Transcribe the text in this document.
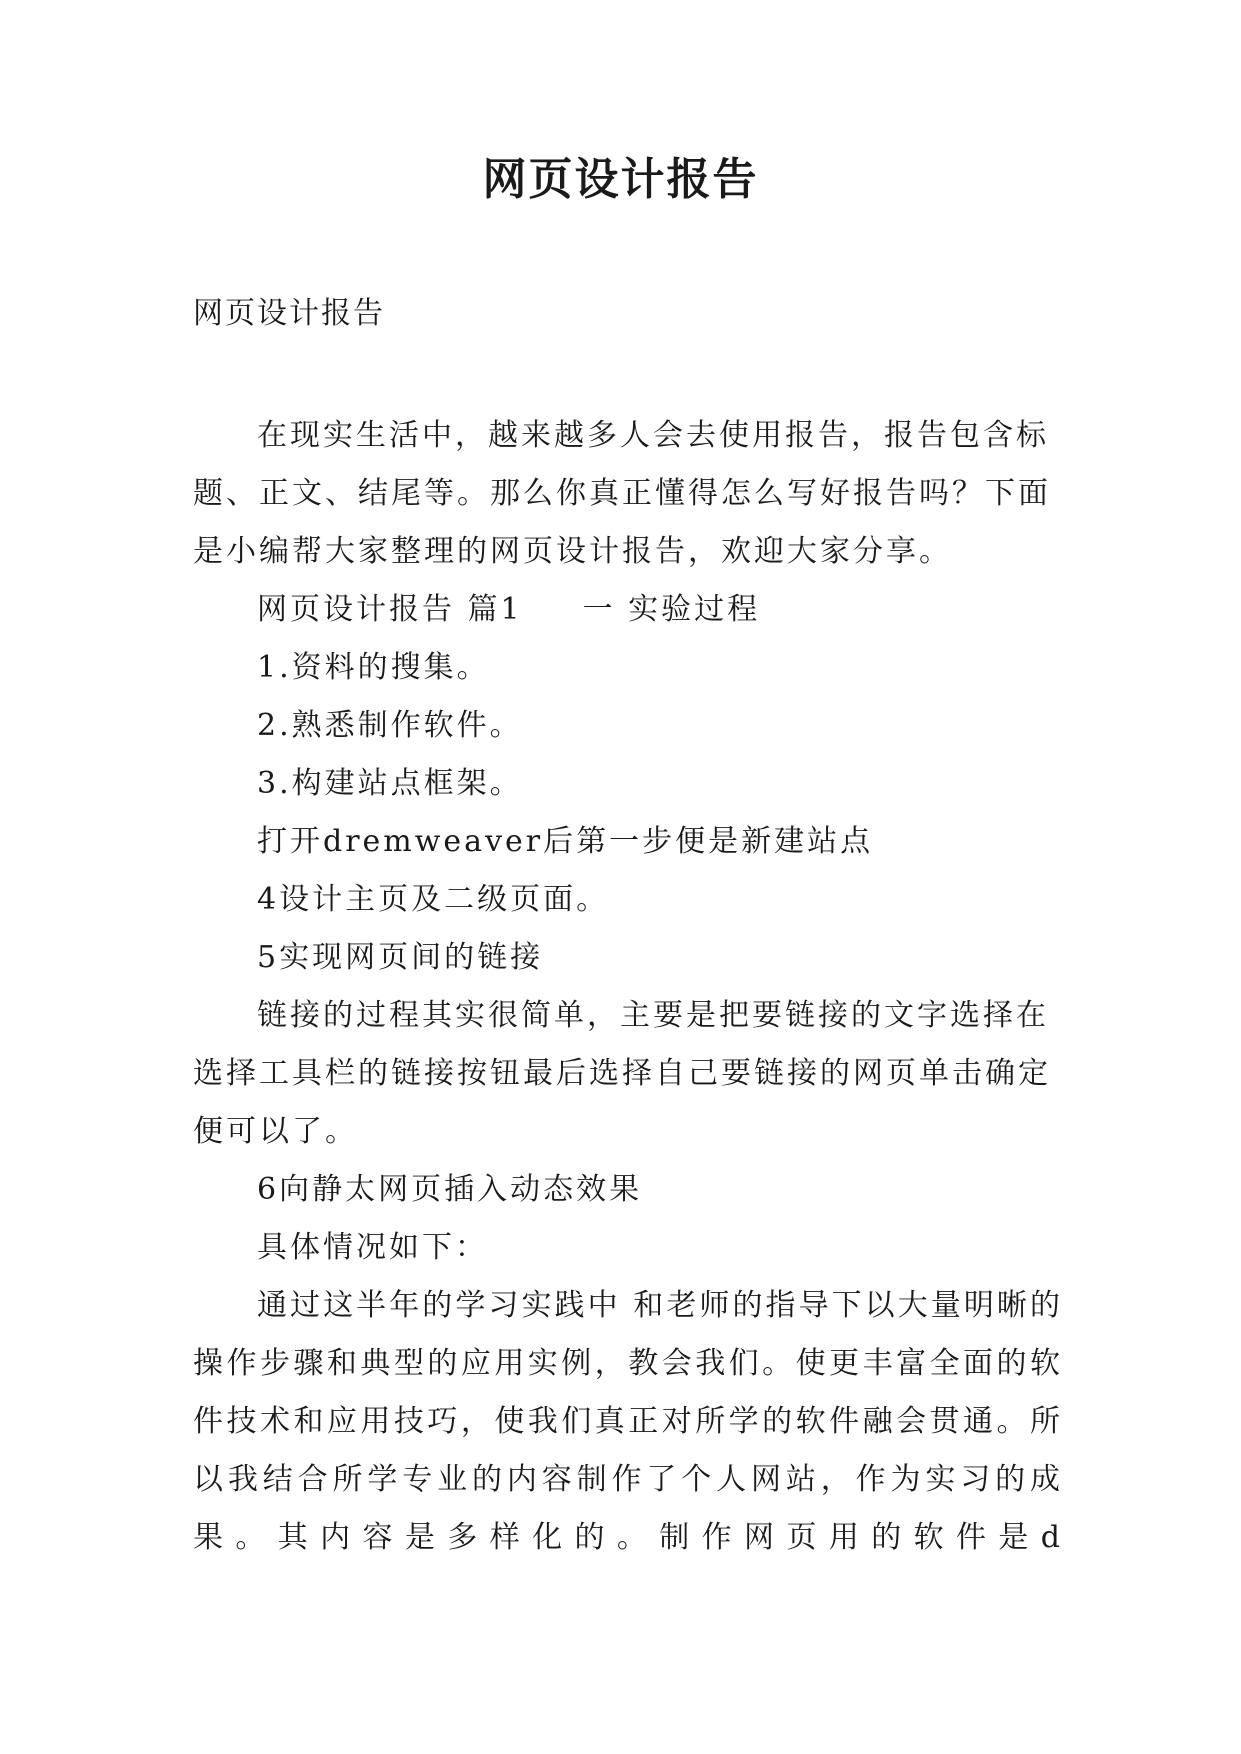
网页设计报告
网页设计报告

在现实生活中，越来越多人会去使用报告，报告包含标题、正文、结尾等。那么你真正懂得怎么写好报告吗？下面是小编帮大家整理的网页设计报告，欢迎大家分享。

网页设计报告 篇1 一 实验过程

1.资料的搜集。

2.熟悉制作软件。

3.构建站点框架。

打开dremweaver后第一步便是新建站点

4设计主页及二级页面。

5实现网页间的链接

链接的过程其实很简单，主要是把要链接的文字选择在选择工具栏的链接按钮最后选择自己要链接的网页单击确定便可以了。

6向静太网页插入动态效果

具体情况如下：

通过这半年的学习实践中 和老师的指导下以大量明晰的操作步骤和典型的应用实例，教会我们。使更丰富全面的软件技术和应用技巧，使我们真正对所学的软件融会贯通。所以我结合所学专业的内容制作了个人网站，作为实习的成果。其内容是多样化的。制作网页用的软件是d
